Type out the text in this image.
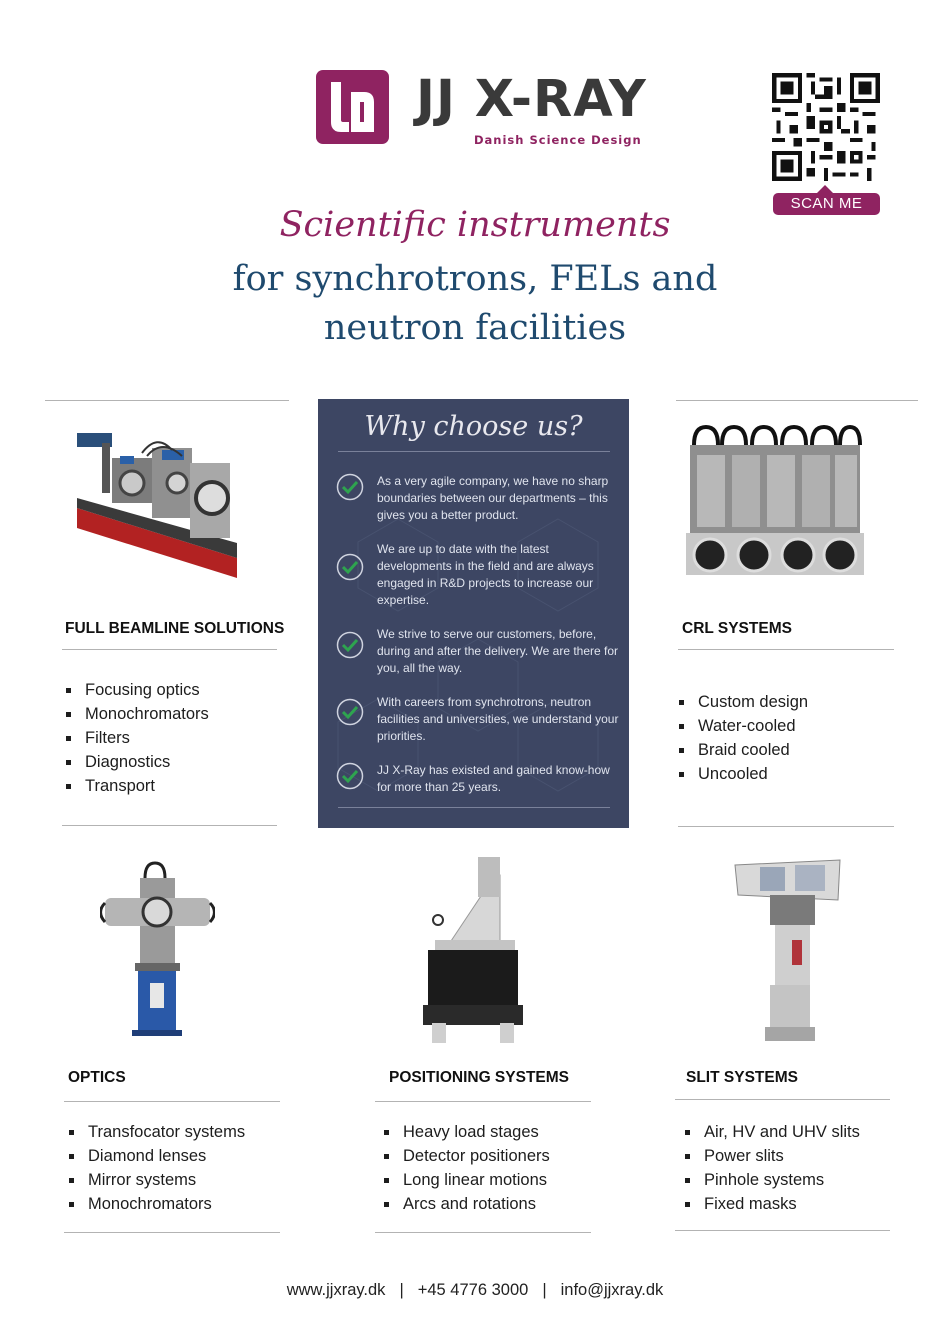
JJ X-RAY
Danish Science Design
SCAN ME
Scientific instruments
for synchrotrons, FELs and
neutron facilities
FULL BEAMLINE SOLUTIONS
Focusing optics
Monochromators
Filters
Diagnostics
Transport
Why choose us?
As a very agile company, we have no sharp boundaries between our departments – this gives you a better product.
We are up to date with the latest developments in the field and are always engaged in R&D projects to increase our expertise.
We strive to serve our customers, before, during and after the delivery. We are there for you, all the way.
With careers from synchrotrons, neutron facilities and universities, we understand your priorities.
JJ X-Ray has existed and gained know-how for more than 25 years.
CRL SYSTEMS
Custom design
Water-cooled
Braid cooled
Uncooled
OPTICS
Transfocator systems
Diamond lenses
Mirror systems
Monochromators
POSITIONING SYSTEMS
Heavy load stages
Detector positioners
Long linear motions
Arcs and rotations
SLIT SYSTEMS
Air, HV and UHV slits
Power slits
Pinhole systems
Fixed masks
www.jjxray.dk | +45 4776 3000 | info@jjxray.dk
